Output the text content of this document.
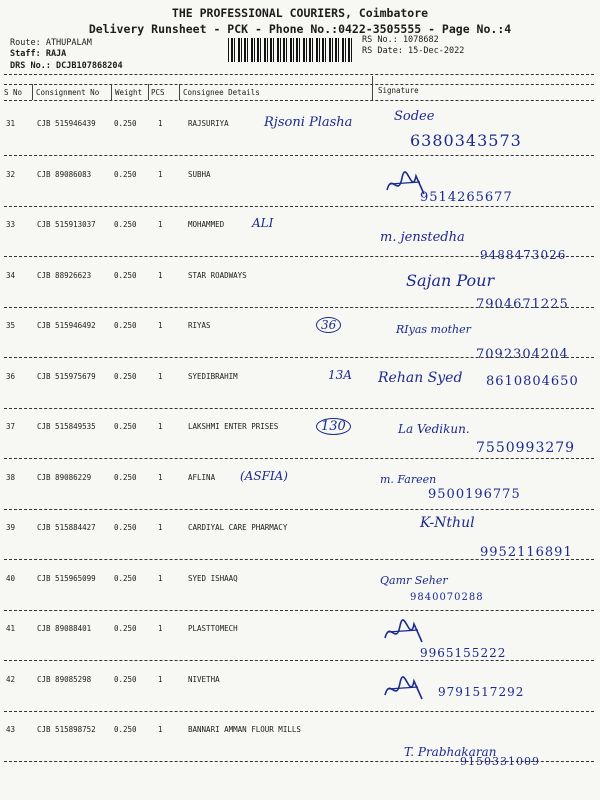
THE PROFESSIONAL COURIERS, Coimbatore
Delivery Runsheet - PCK - Phone No.:0422-3505555 - Page No.:4
Route: ATHUPALAM
Staff: RAJA
DRS No.: DCJB107868204
RS No.: 1078682
RS Date: 15-Dec-2022
S No Consignment No Weight PCS Consignee Details	Signature
31	CJB 515946439 0.250	1	RAJSURIYA	Rjsoni Plasha	Sodee
6380343573
32	CJB 89086083	0.250	1	SUBHA
9514265677
33	CJB 515913037 0.250	1	MOHAMMED ALI
m. jenstedha
9488473026
34	CJB 88926623	0.250	1	STAR ROADWAYS	Sajan Pour
7904671225
35	CJB 515946492 0.250	1	RIYAS	36	RIyas mother
7092304204
36	CJB 515975679 0.250	1	SYEDIBRAHIM	13A Rehan Syed 8610804650
37	CJB 515849535 0.250	1	LAKSHMI ENTER PRISES	130	La Vedikun.
7550993279
38	CJB 89086229	0.250	1	AFLINA (ASFIA)	m. Fareen
9500196775
39	CJB 515884427 0.250	1	CARDIYAL CARE PHARMACY	K-Nthul
9952116891
40	CJB 515965099 0.250	1	SYED ISHAAQ	Qamr Seher
9840070288
41	CJB 89088401	0.250	1	PLASTTOMECH
9965155222
42	CJB 89085298	0.250	1	NIVETHA
9791517292
43	CJB 515898752 0.250	1	BANNARI AMMAN FLOUR MILLS
T. Prabhakaran
9150331009
